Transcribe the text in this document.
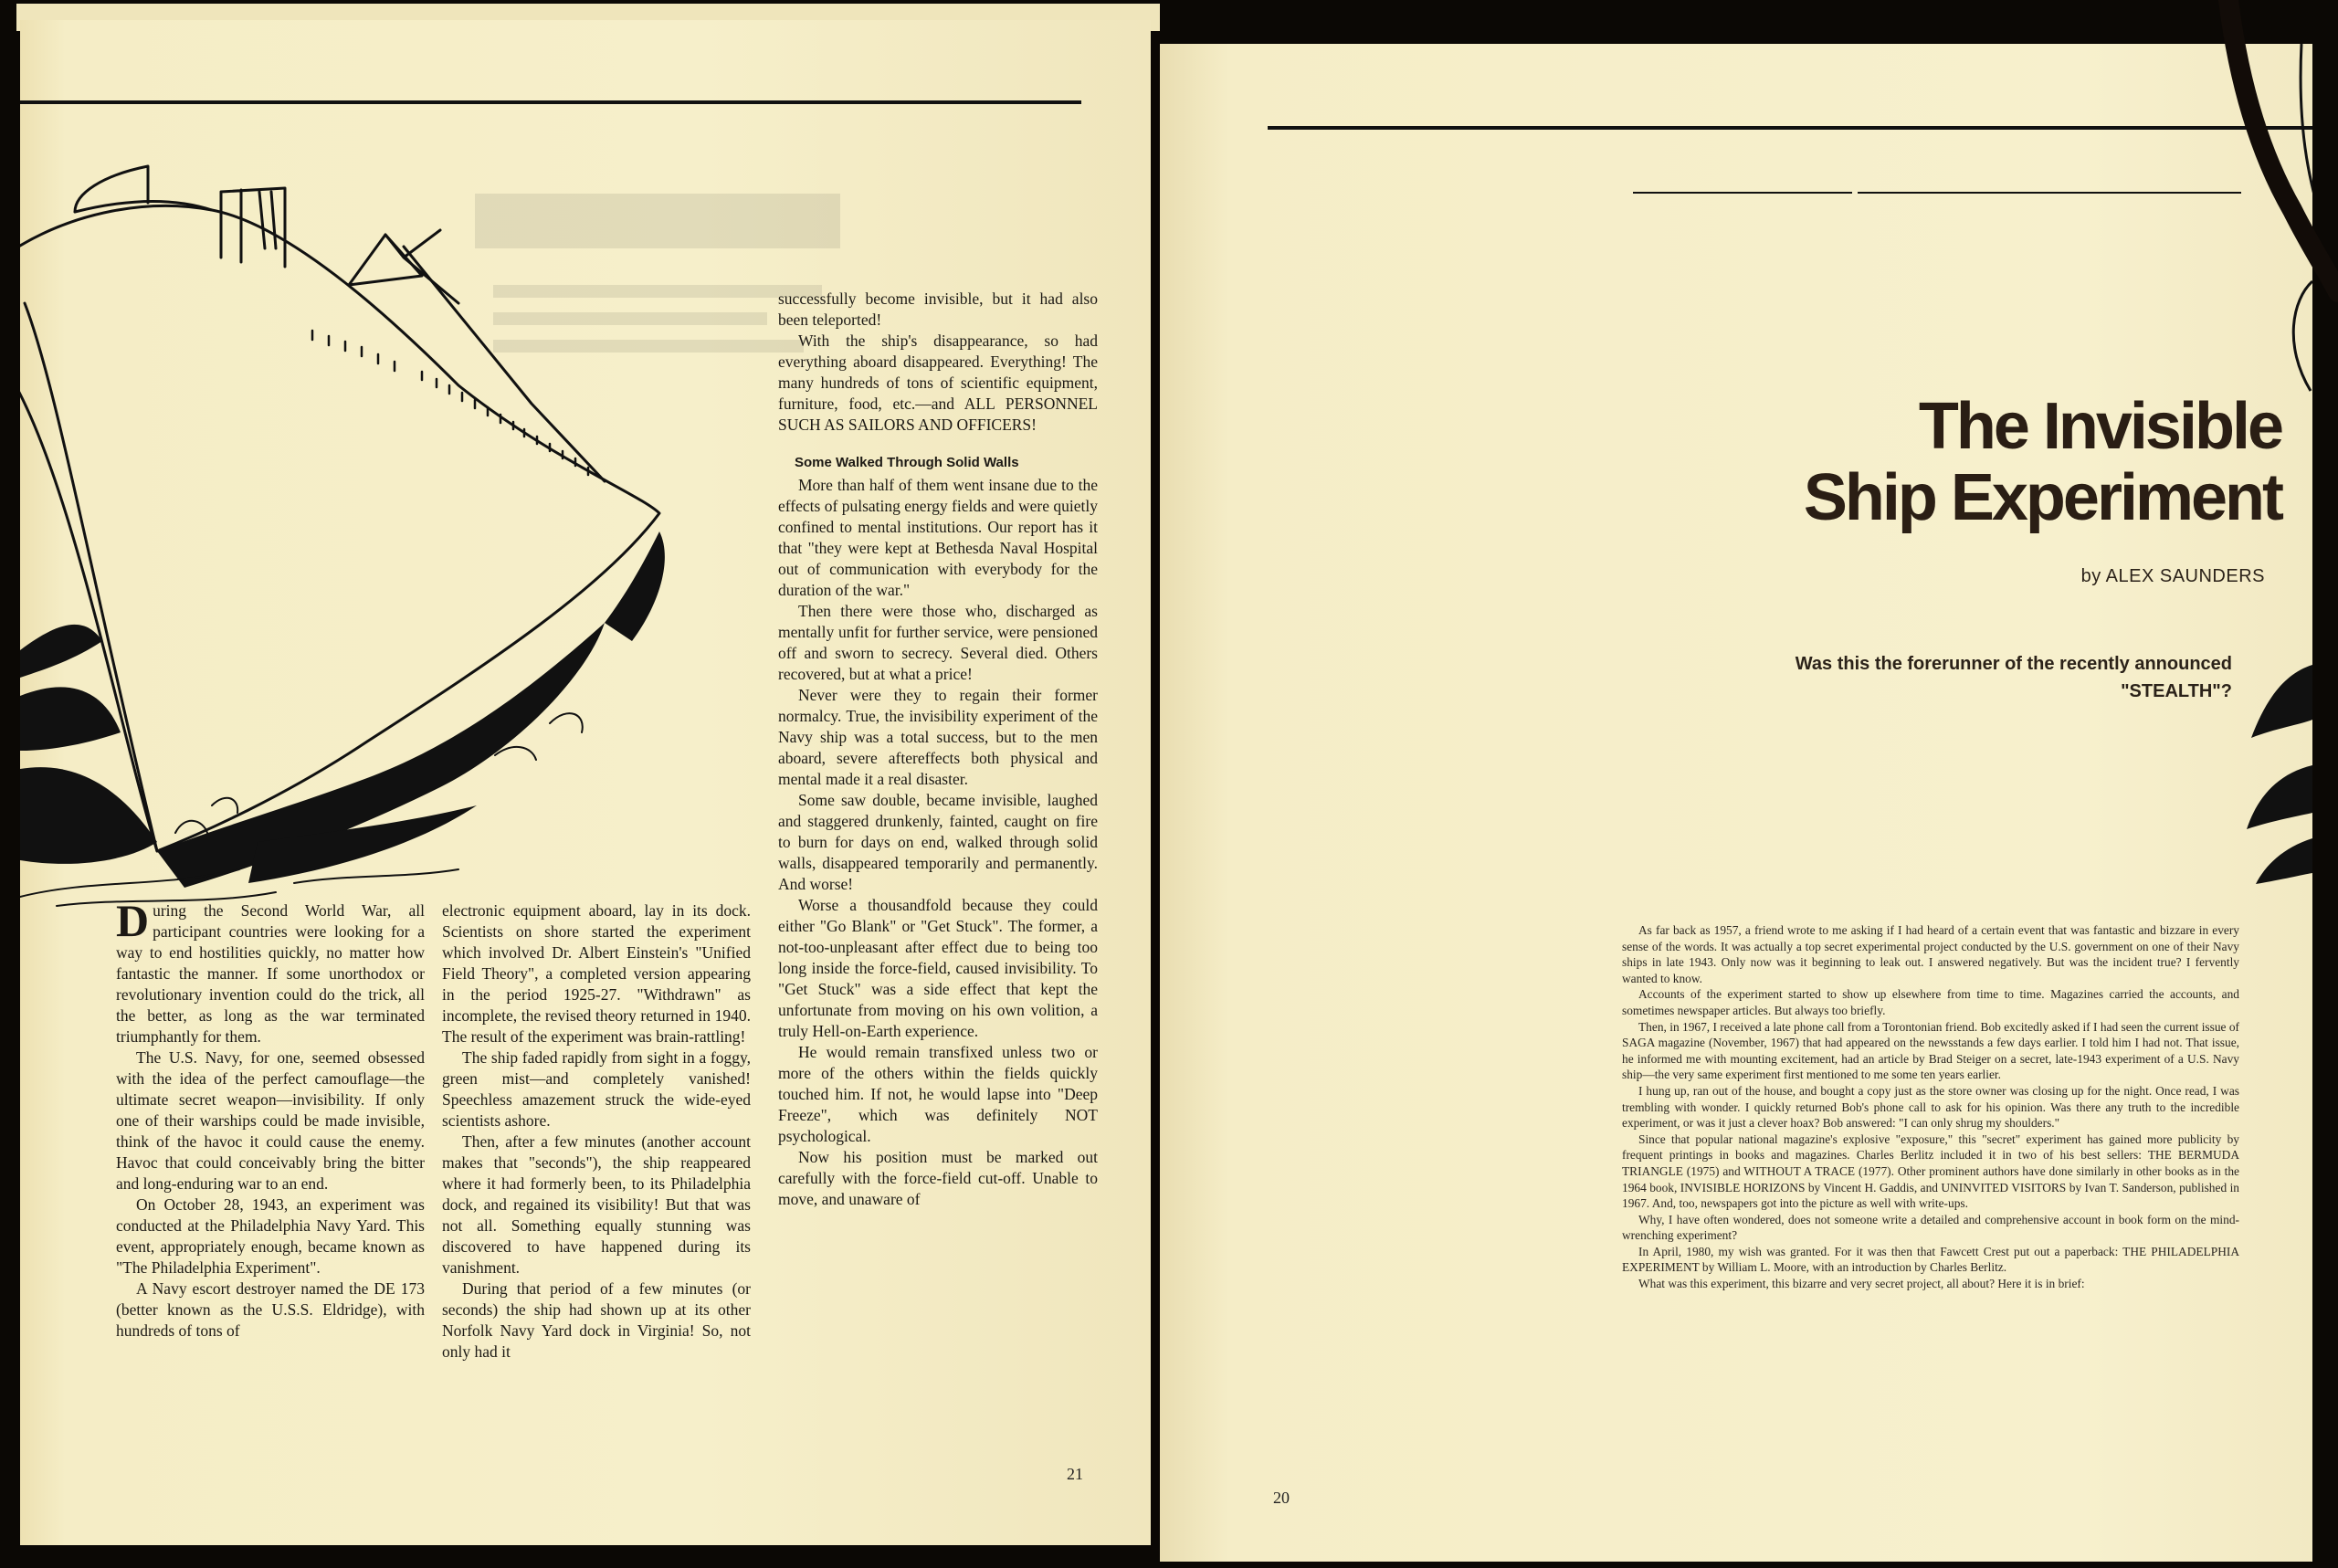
D uring the Second World War, all participant countries were looking for a way to end hostilities quickly, no matter how fantastic the manner. If some unorthodox or revolutionary invention could do the trick, all the better, as long as the war terminated triumphantly for them.

The U.S. Navy, for one, seemed obsessed with the idea of the perfect camouflage—the ultimate secret weapon—invisibility. If only one of their warships could be made invisible, think of the havoc it could cause the enemy. Havoc that could conceivably bring the bitter and long-enduring war to an end.

On October 28, 1943, an experiment was conducted at the Philadelphia Navy Yard. This event, appropriately enough, became known as "The Philadelphia Experiment".

A Navy escort destroyer named the DE 173 (better known as the U.S.S. Eldridge), with hundreds of tons of

electronic equipment aboard, lay in its dock. Scientists on shore started the experiment which involved Dr. Albert Einstein's "Unified Field Theory", a completed version appearing in the period 1925-27. "Withdrawn" as incomplete, the revised theory returned in 1940. The result of the experiment was brain-rattling!

The ship faded rapidly from sight in a foggy, green mist—and completely vanished! Speechless amazement struck the wide-eyed scientists ashore.

Then, after a few minutes (another account makes that "seconds"), the ship reappeared where it had formerly been, to its Philadelphia dock, and regained its visibility! But that was not all. Something equally stunning was discovered to have happened during its vanishment.

During that period of a few minutes (or seconds) the ship had shown up at its other Norfolk Navy Yard dock in Virginia! So, not only had it

successfully become invisible, but it had also been teleported!

With the ship's disappearance, so had everything aboard disappeared. Everything! The many hundreds of tons of scientific equipment, furniture, food, etc.—and ALL PERSONNEL SUCH AS SAILORS AND OFFICERS!

Some Walked Through Solid Walls

More than half of them went insane due to the effects of pulsating energy fields and were quietly confined to mental institutions. Our report has it that "they were kept at Bethesda Naval Hospital out of communication with everybody for the duration of the war."

Then there were those who, discharged as mentally unfit for further service, were pensioned off and sworn to secrecy. Several died. Others recovered, but at what a price!

Never were they to regain their former normalcy. True, the invisibility experiment of the Navy ship was a total success, but to the men aboard, severe aftereffects both physical and mental made it a real disaster.

Some saw double, became invisible, laughed and staggered drunkenly, fainted, caught on fire to burn for days on end, walked through solid walls, disappeared temporarily and permanently. And worse!

Worse a thousandfold because they could either "Go Blank" or "Get Stuck". The former, a not-too-unpleasant after effect due to being too long inside the force-field, caused invisibility. To "Get Stuck" was a side effect that kept the unfortunate from moving on his own volition, a truly Hell-on-Earth experience.

He would remain transfixed unless two or more of the others within the fields quickly touched him. If not, he would lapse into "Deep Freeze", which was definitely NOT psychological.

Now his position must be marked out carefully with the force-field cut-off. Unable to move, and unaware of

21
20
The Invisible
Ship Experiment
by ALEX SAUNDERS
Was this the forerunner of the recently announced "STEALTH"?

As far back as 1957, a friend wrote to me asking if I had heard of a certain event that was fantastic and bizzare in every sense of the words. It was actually a top secret experimental project conducted by the U.S. government on one of their Navy ships in late 1943. Only now was it beginning to leak out. I answered negatively. But was the incident true? I fervently wanted to know.

Accounts of the experiment started to show up elsewhere from time to time. Magazines carried the accounts, and sometimes newspaper articles. But always too briefly.

Then, in 1967, I received a late phone call from a Torontonian friend. Bob excitedly asked if I had seen the current issue of SAGA magazine (November, 1967) that had appeared on the newsstands a few days earlier. I told him I had not. That issue, he informed me with mounting excitement, had an article by Brad Steiger on a secret, late-1943 experiment of a U.S. Navy ship—the very same experiment first mentioned to me some ten years earlier.

I hung up, ran out of the house, and bought a copy just as the store owner was closing up for the night. Once read, I was trembling with wonder. I quickly returned Bob's phone call to ask for his opinion. Was there any truth to the incredible experiment, or was it just a clever hoax? Bob answered: "I can only shrug my shoulders."

Since that popular national magazine's explosive "exposure," this "secret" experiment has gained more publicity by frequent printings in books and magazines. Charles Berlitz included it in two of his best sellers: THE BERMUDA TRIANGLE (1975) and WITHOUT A TRACE (1977). Other prominent authors have done similarly in other books as in the 1964 book, INVISIBLE HORIZONS by Vincent H. Gaddis, and UNINVITED VISITORS by Ivan T. Sanderson, published in 1967. And, too, newspapers got into the picture as well with write-ups.

Why, I have often wondered, does not someone write a detailed and comprehensive account in book form on the mind-wrenching experiment?

In April, 1980, my wish was granted. For it was then that Fawcett Crest put out a paperback: THE PHILADELPHIA EXPERIMENT by William L. Moore, with an introduction by Charles Berlitz.

What was this experiment, this bizarre and very secret project, all about? Here it is in brief:
